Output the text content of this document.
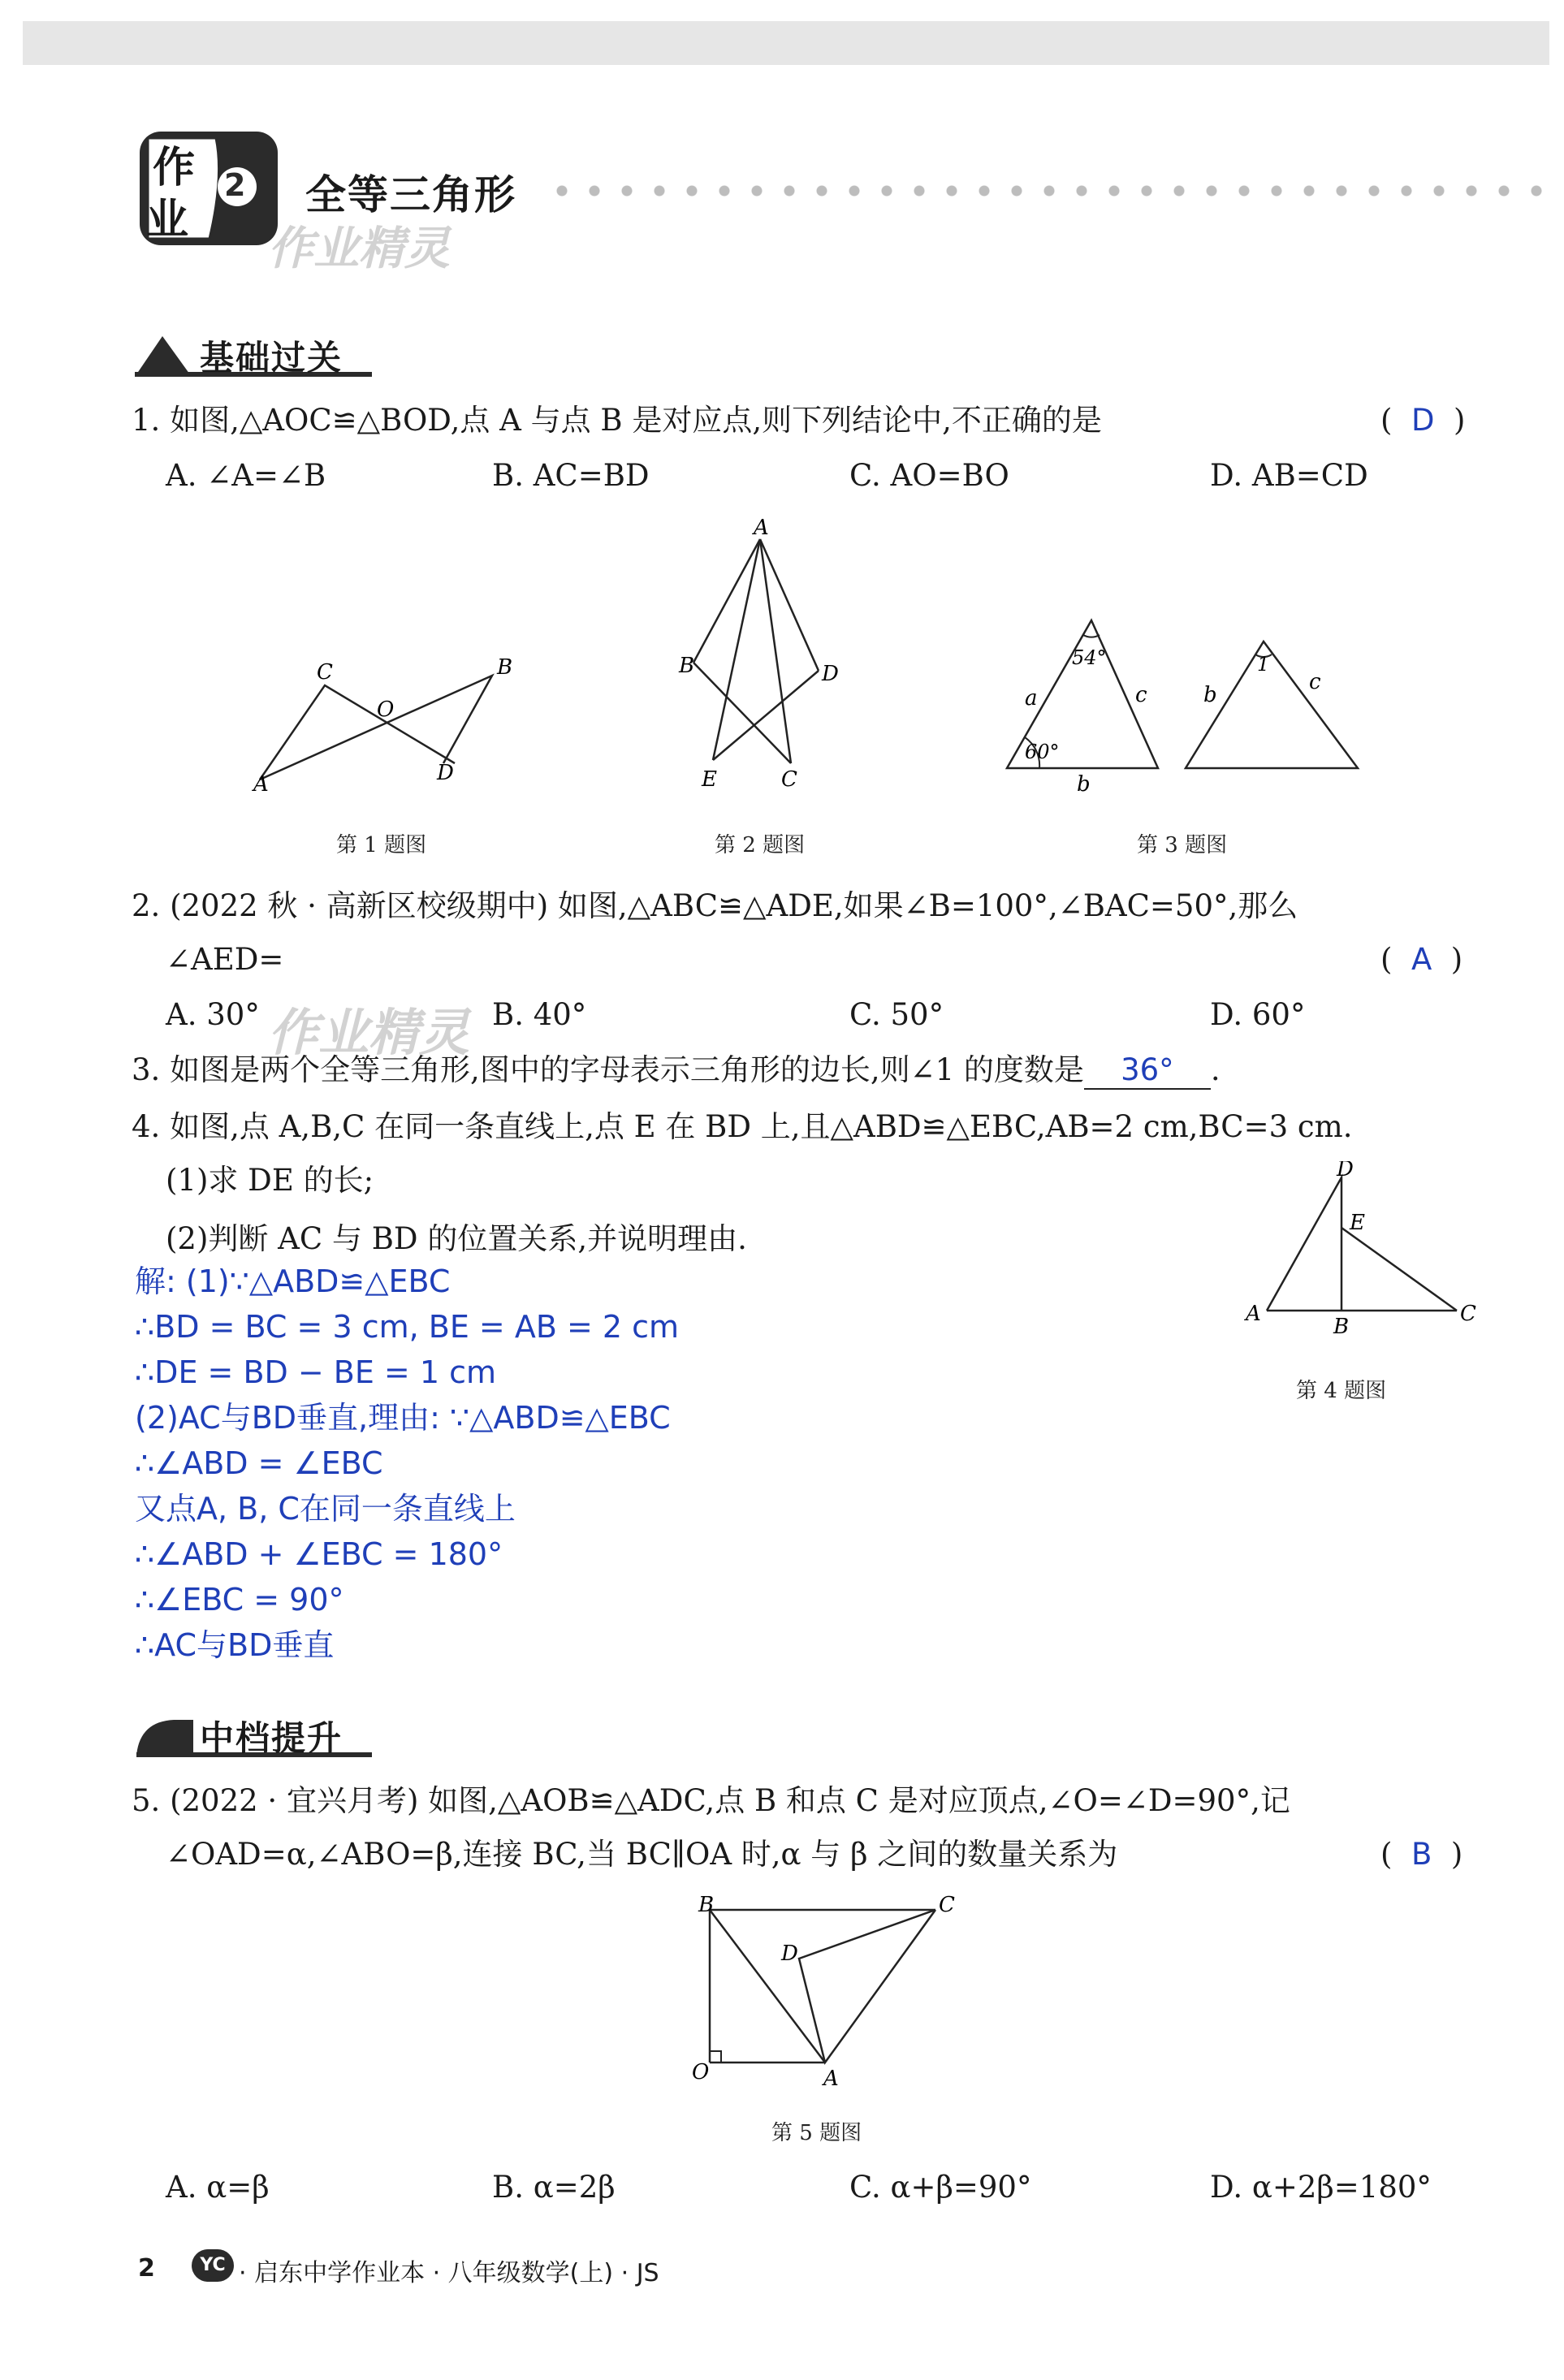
作
业
2 全等三角形
作业精灵
基础过关
1. 如图,△AOC≌△BOD,点 A 与点 B 是对应点,则下列结论中,不正确的是	(  D  )
A. ∠A=∠B	B. AC=BD	C. AO=BO	D. AB=CD
A
B
C
D
O
第 1 题图
A
B
C
D
E
第 2 题图
54°
60°
a
b
c	b
c
1
第 3 题图
2. (2022 秋 · 高新区校级期中) 如图,△ABC≌△ADE,如果∠B=100°,∠BAC=50°,那么
∠AED=	(  A  )
A. 30°	B. 40°	C. 50°	D. 60°
作业精灵
3. 如图是两个全等三角形,图中的字母表示三角形的边长,则∠1 的度数是 36° .
4. 如图,点 A,B,C 在同一条直线上,点 E 在 BD 上,且△ABD≌△EBC,AB=2 cm,BC=3 cm.
(1)求 DE 的长;
(2)判断 AC 与 BD 的位置关系,并说明理由.
解: (1)∵△ABD≌△EBC
∴BD = BC = 3 cm, BE = AB = 2 cm
∴DE = BD − BE = 1 cm
(2)AC与BD垂直,理由: ∵△ABD≌△EBC
∴∠ABD = ∠EBC
又点A, B, C在同一条直线上
∴∠ABD + ∠EBC = 180°
∴∠EBC = 90°
∴AC与BD垂直
A
B
C
D
E
第 4 题图
中档提升
5. (2022 · 宜兴月考) 如图,△AOB≌△ADC,点 B 和点 C 是对应顶点,∠O=∠D=90°,记
∠OAD=α,∠ABO=β,连接 BC,当 BC∥OA 时,α 与 β 之间的数量关系为	(  B  )
A
B	C
D
O
第 5 题图
A. α=β	B. α=2β	C. α+β=90°	D. α+2β=180°
2	YC · 启东中学作业本 · 八年级数学(上) · JS
